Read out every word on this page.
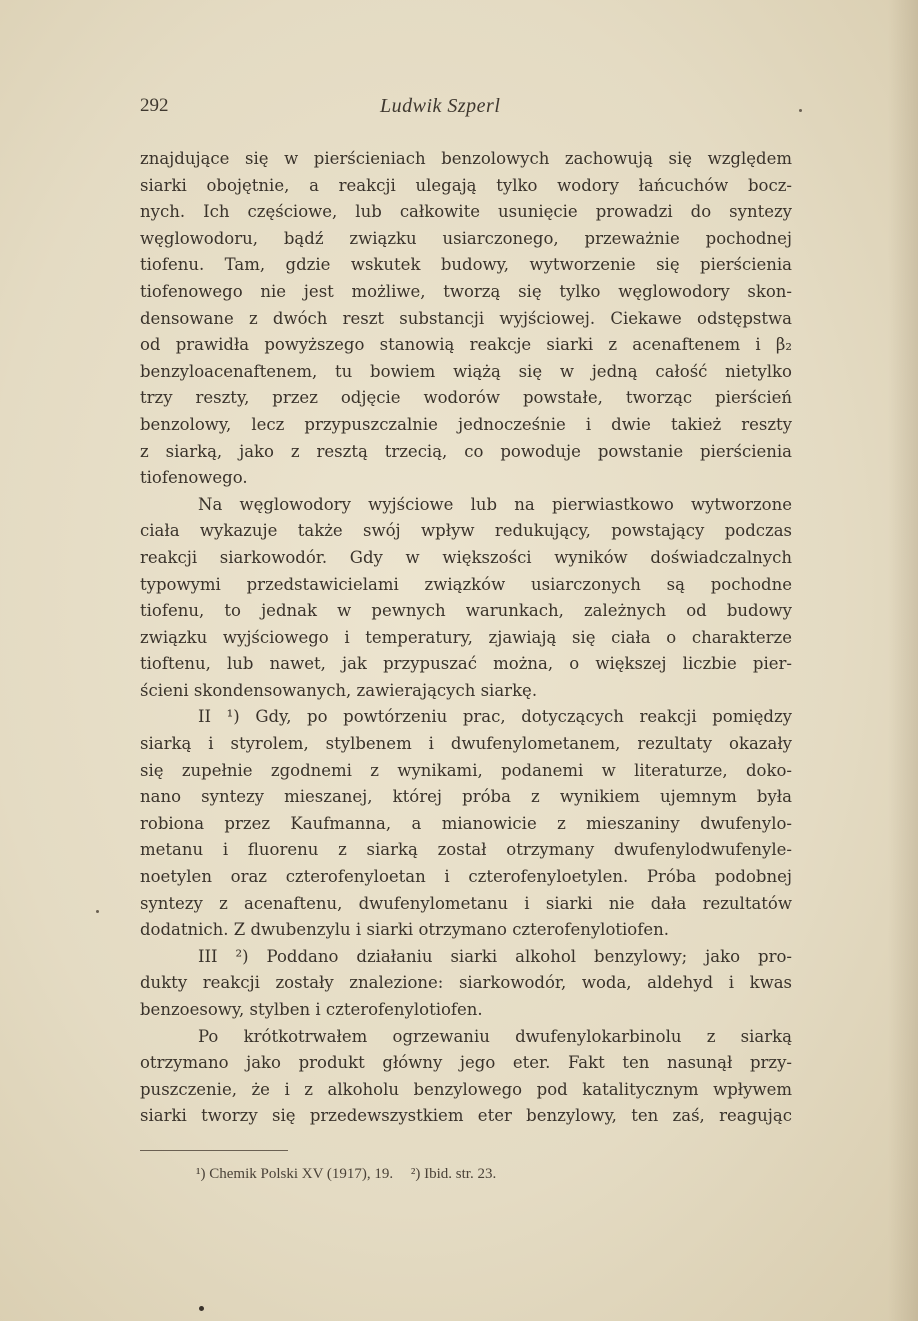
292	Ludwik Szperl

znajdujące się w pierścieniach benzolowych zachowują się względem

siarki obojętnie, a reakcji ulegają tylko wodory łańcuchów bocz-

nych. Ich częściowe, lub całkowite usunięcie prowadzi do syntezy

węglowodoru, bądź związku usiarczonego, przeważnie pochodnej

tiofenu. Tam, gdzie wskutek budowy, wytworzenie się pierścienia

tiofenowego nie jest możliwe, tworzą się tylko węglowodory skon-

densowane z dwóch reszt substancji wyjściowej. Ciekawe odstępstwa

od prawidła powyższego stanowią reakcje siarki z acenaftenem i β₂

benzyloacenaftenem, tu bowiem wiążą się w jedną całość nietylko

trzy reszty, przez odjęcie wodorów powstałe, tworząc pierścień

benzolowy, lecz przypuszczalnie jednocześnie i dwie takież reszty

z siarką, jako z resztą trzecią, co powoduje powstanie pierścienia

tiofenowego.

Na węglowodory wyjściowe lub na pierwiastkowo wytworzone

ciała wykazuje także swój wpływ redukujący, powstający podczas

reakcji siarkowodór. Gdy w większości wyników doświadczalnych

typowymi przedstawicielami związków usiarczonych są pochodne

tiofenu, to jednak w pewnych warunkach, zależnych od budowy

związku wyjściowego i temperatury, zjawiają się ciała o charakterze

tioftenu, lub nawet, jak przypuszać można, o większej liczbie pier-

ścieni skondensowanych, zawierających siarkę.

II ¹) Gdy, po powtórzeniu prac, dotyczących reakcji pomiędzy

siarką i styrolem, stylbenem i dwufenylometanem, rezultaty okazały

się zupełnie zgodnemi z wynikami, podanemi w literaturze, doko-

nano syntezy mieszanej, której próba z wynikiem ujemnym była

robiona przez Kaufmanna, a mianowicie z mieszaniny dwufenylo-

metanu i fluorenu z siarką został otrzymany dwufenylodwufenyle-

noetylen oraz czterofenyloetan i czterofenyloetylen. Próba podobnej

syntezy z acenaftenu, dwufenylometanu i siarki nie dała rezultatów

dodatnich. Z dwubenzylu i siarki otrzymano czterofenylotiofen.

III ²) Poddano działaniu siarki alkohol benzylowy; jako pro-

dukty reakcji zostały znalezione: siarkowodór, woda, aldehyd i kwas

benzoesowy, stylben i czterofenylotiofen.

Po krótkotrwałem ogrzewaniu dwufenylokarbinolu z siarką

otrzymano jako produkt główny jego eter. Fakt ten nasunął przy-

puszczenie, że i z alkoholu benzylowego pod katalitycznym wpływem

siarki tworzy się przedewszystkiem eter benzylowy, ten zaś, reagując

¹) Chemik Polski XV (1917), 19. ²) Ibid. str. 23.
